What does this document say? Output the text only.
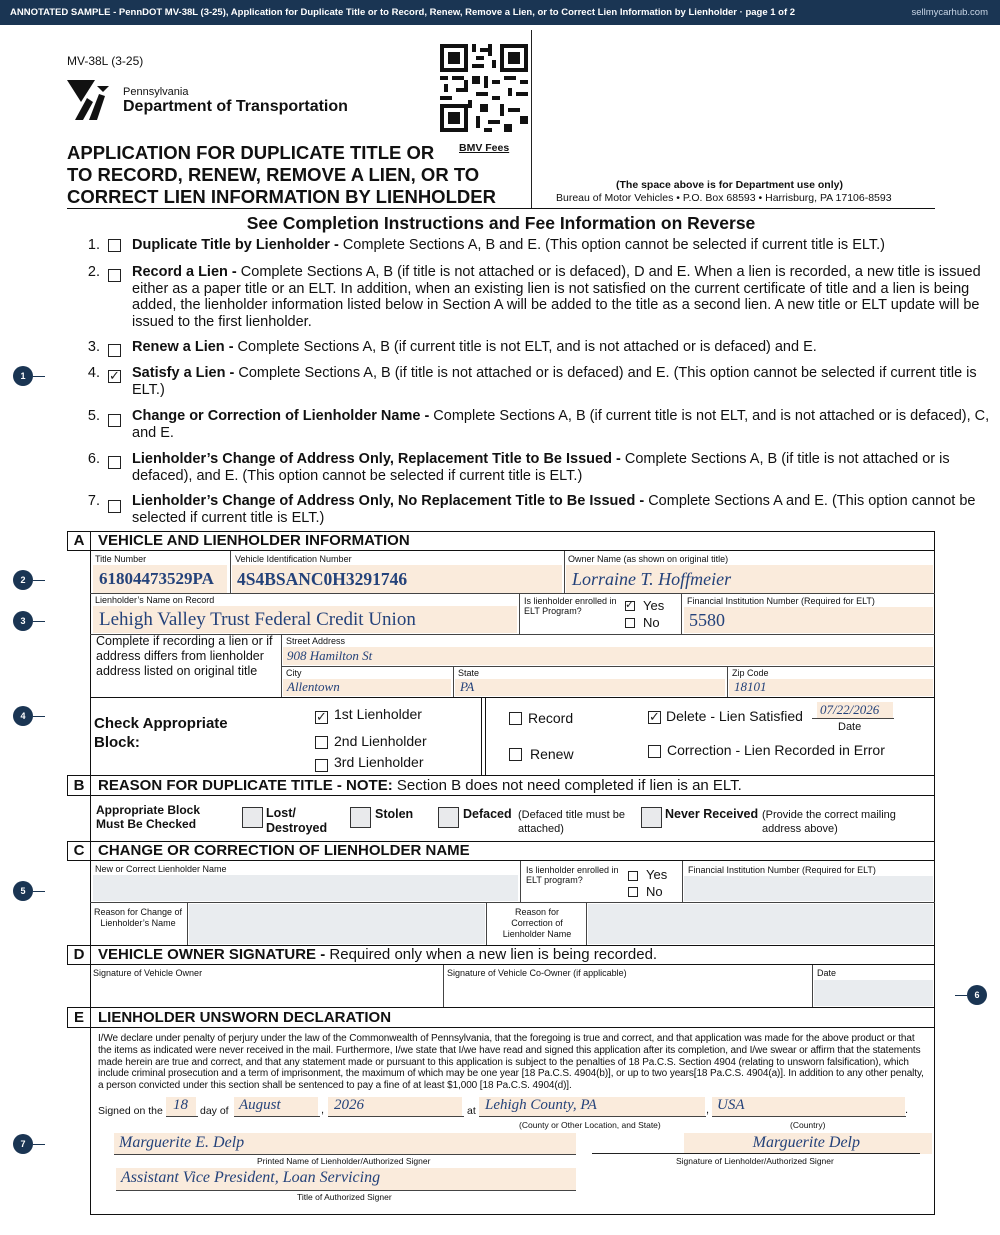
ANNOTATED SAMPLE - PennDOT MV-38L (3-25), Application for Duplicate Title or to Record, Renew, Remove a Lien, or to Correct Lien Information by Lienholder · page 1 of 2	sellmycarhub.com
MV-38L (3-25)
Pennsylvania
Department of Transportation
APPLICATION FOR DUPLICATE TITLE OR
TO RECORD, RENEW, REMOVE A LIEN, OR TO
CORRECT LIEN INFORMATION BY LIENHOLDER
BMV Fees
(The space above is for Department use only)
Bureau of Motor Vehicles • P.O. Box 68593 • Harrisburg, PA 17106-8593
See Completion Instructions and Fee Information on Reverse
1. Duplicate Title by Lienholder - Complete Sections A, B and E. (This option cannot be selected if current title is ELT.)
2. Record a Lien - Complete Sections A, B (if title is not attached or is defaced), D and E. When a lien is recorded, a new title is issued either as a paper title or an ELT. In addition, when an existing lien is not satisfied on the current certificate of title and a lien is being added, the lienholder information listed below in Section A will be added to the title as a second lien. A new title or ELT update will be issued to the first lienholder.
3. Renew a Lien - Complete Sections A, B (if current title is not ELT, and is not attached or is defaced) and E.
4. Satisfy a Lien - Complete Sections A, B (if title is not attached or is defaced) and E. (This option cannot be selected if current title is ELT.)
✓
5. Change or Correction of Lienholder Name - Complete Sections A, B (if current title is not ELT, and is not attached or is defaced), C, and E.
6. Lienholder’s Change of Address Only, Replacement Title to Be Issued - Complete Sections A, B (if title is not attached or is defaced), and E. (This option cannot be selected if current title is ELT.)
7. Lienholder’s Change of Address Only, No Replacement Title to Be Issued - Complete Sections A and E. (This option cannot be selected if current title is ELT.)
1
2
3
4
5
6
7
A VEHICLE AND LIENHOLDER INFORMATION
Title Number
61804473529PA
Vehicle Identification Number
4S4BSANC0H3291746
Owner Name (as shown on original title)
Lorraine T. Hoffmeier
Lienholder’s Name on Record
Lehigh Valley Trust Federal Credit Union
Is lienholder enrolled in ELT Program?
✓	Yes
No
Financial Institution Number (Required for ELT)
5580
Complete if recording a lien or if address differs from lienholder address listed on original title
Street Address
908 Hamilton St
City
Allentown
State
PA
Zip Code
18101
Check Appropriate Block:
✓
1st Lienholder
2nd Lienholder
3rd Lienholder
Record
Renew
✓
Delete - Lien Satisfied 07/22/2026
Date
Correction - Lien Recorded in Error
B REASON FOR DUPLICATE TITLE - NOTE: Section B does not need completed if lien is an ELT.
Appropriate Block Must Be Checked
Lost/ Destroyed
Stolen	Defaced (Defaced title must be attached)
Never Received (Provide the correct mailing address above)
C CHANGE OR CORRECTION OF LIENHOLDER NAME
New or Correct Lienholder Name	Is lienholder enrolled in ELT program?	Yes
No
Financial Institution Number (Required for ELT)
Reason for Change of Lienholder’s Name
Reason for Correction of Lienholder Name
D VEHICLE OWNER SIGNATURE - Required only when a new lien is being recorded.
Signature of Vehicle Owner	Signature of Vehicle Co-Owner (if applicable)	Date
E LIENHOLDER UNSWORN DECLARATION
I/We declare under penalty of perjury under the law of the Commonwealth of Pennsylvania, that the foregoing is true and correct, and that application was made for the above product or that the items as indicated were never received in the mail. Furthermore, I/we state that I/we have read and signed this application after its completion, and I/we swear or affirm that the statements made herein are true and correct, and that any statement made or pursuant to this application is subject to the penalties of 18 Pa.C.S. Section 4904 (relating to unsworn falsification), which include criminal prosecution and a term of imprisonment, the maximum of which may be one year [18 Pa.C.S. 4904(b)], or up to two years[18 Pa.C.S. 4904(a)]. In addition to any other penalty, a person convicted under this section shall be sentenced to pay a fine of at least $1,000 [18 Pa.C.S. 4904(d)].
Signed on the 18 day of August	, 2026	at Lehigh County, PA	, USA	.
(County or Other Location, and State)	(Country)
Marguerite E. Delp
Printed Name of Lienholder/Authorized Signer
Marguerite Delp
Signature of Lienholder/Authorized Signer
Assistant Vice President, Loan Servicing
Title of Authorized Signer
